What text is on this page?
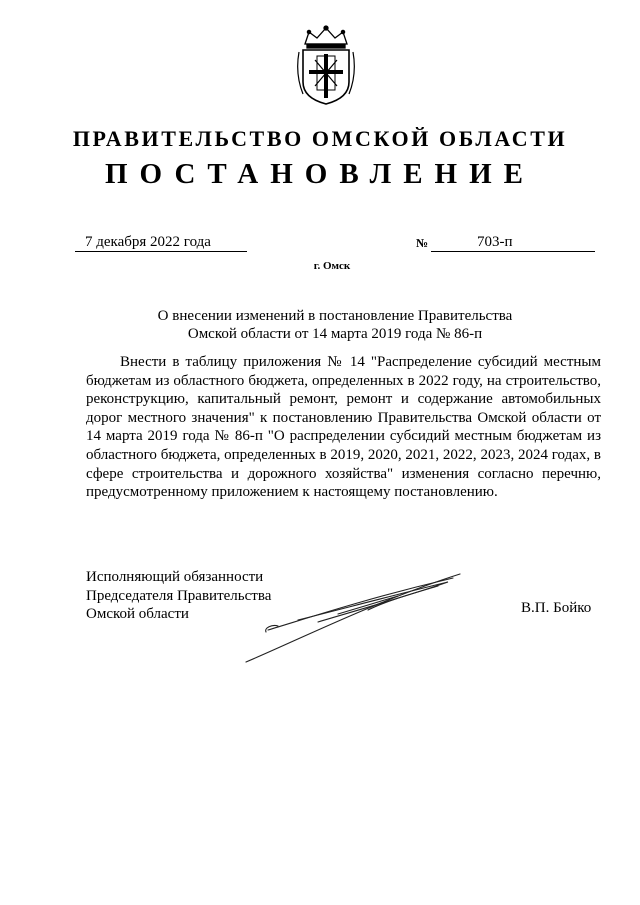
ПРАВИТЕЛЬСТВО ОМСКОЙ ОБЛАСТИ
ПОСТАНОВЛЕНИЕ
7 декабря 2022 года	№	703-п
г. Омск
О внесении изменений в постановление Правительства
Омской области от 14 марта 2019 года № 86-п
Внести в таблицу приложения № 14 "Распределение субсидий местным бюджетам из областного бюджета, определенных в 2022 году, на строительство, реконструкцию, капитальный ремонт, ремонт и содержание автомобильных дорог местного значения" к постановлению Правительства Омской области от 14 марта 2019 года № 86-п "О распределении субсидий местным бюджетам из областного бюджета, определенных в 2019, 2020, 2021, 2022, 2023, 2024 годах, в сфере строительства и дорожного хозяйства" изменения согласно перечню, предусмотренному приложением к настоящему постановлению.
Исполняющий обязанности
Председателя Правительства
Омской области	В.П. Бойко
